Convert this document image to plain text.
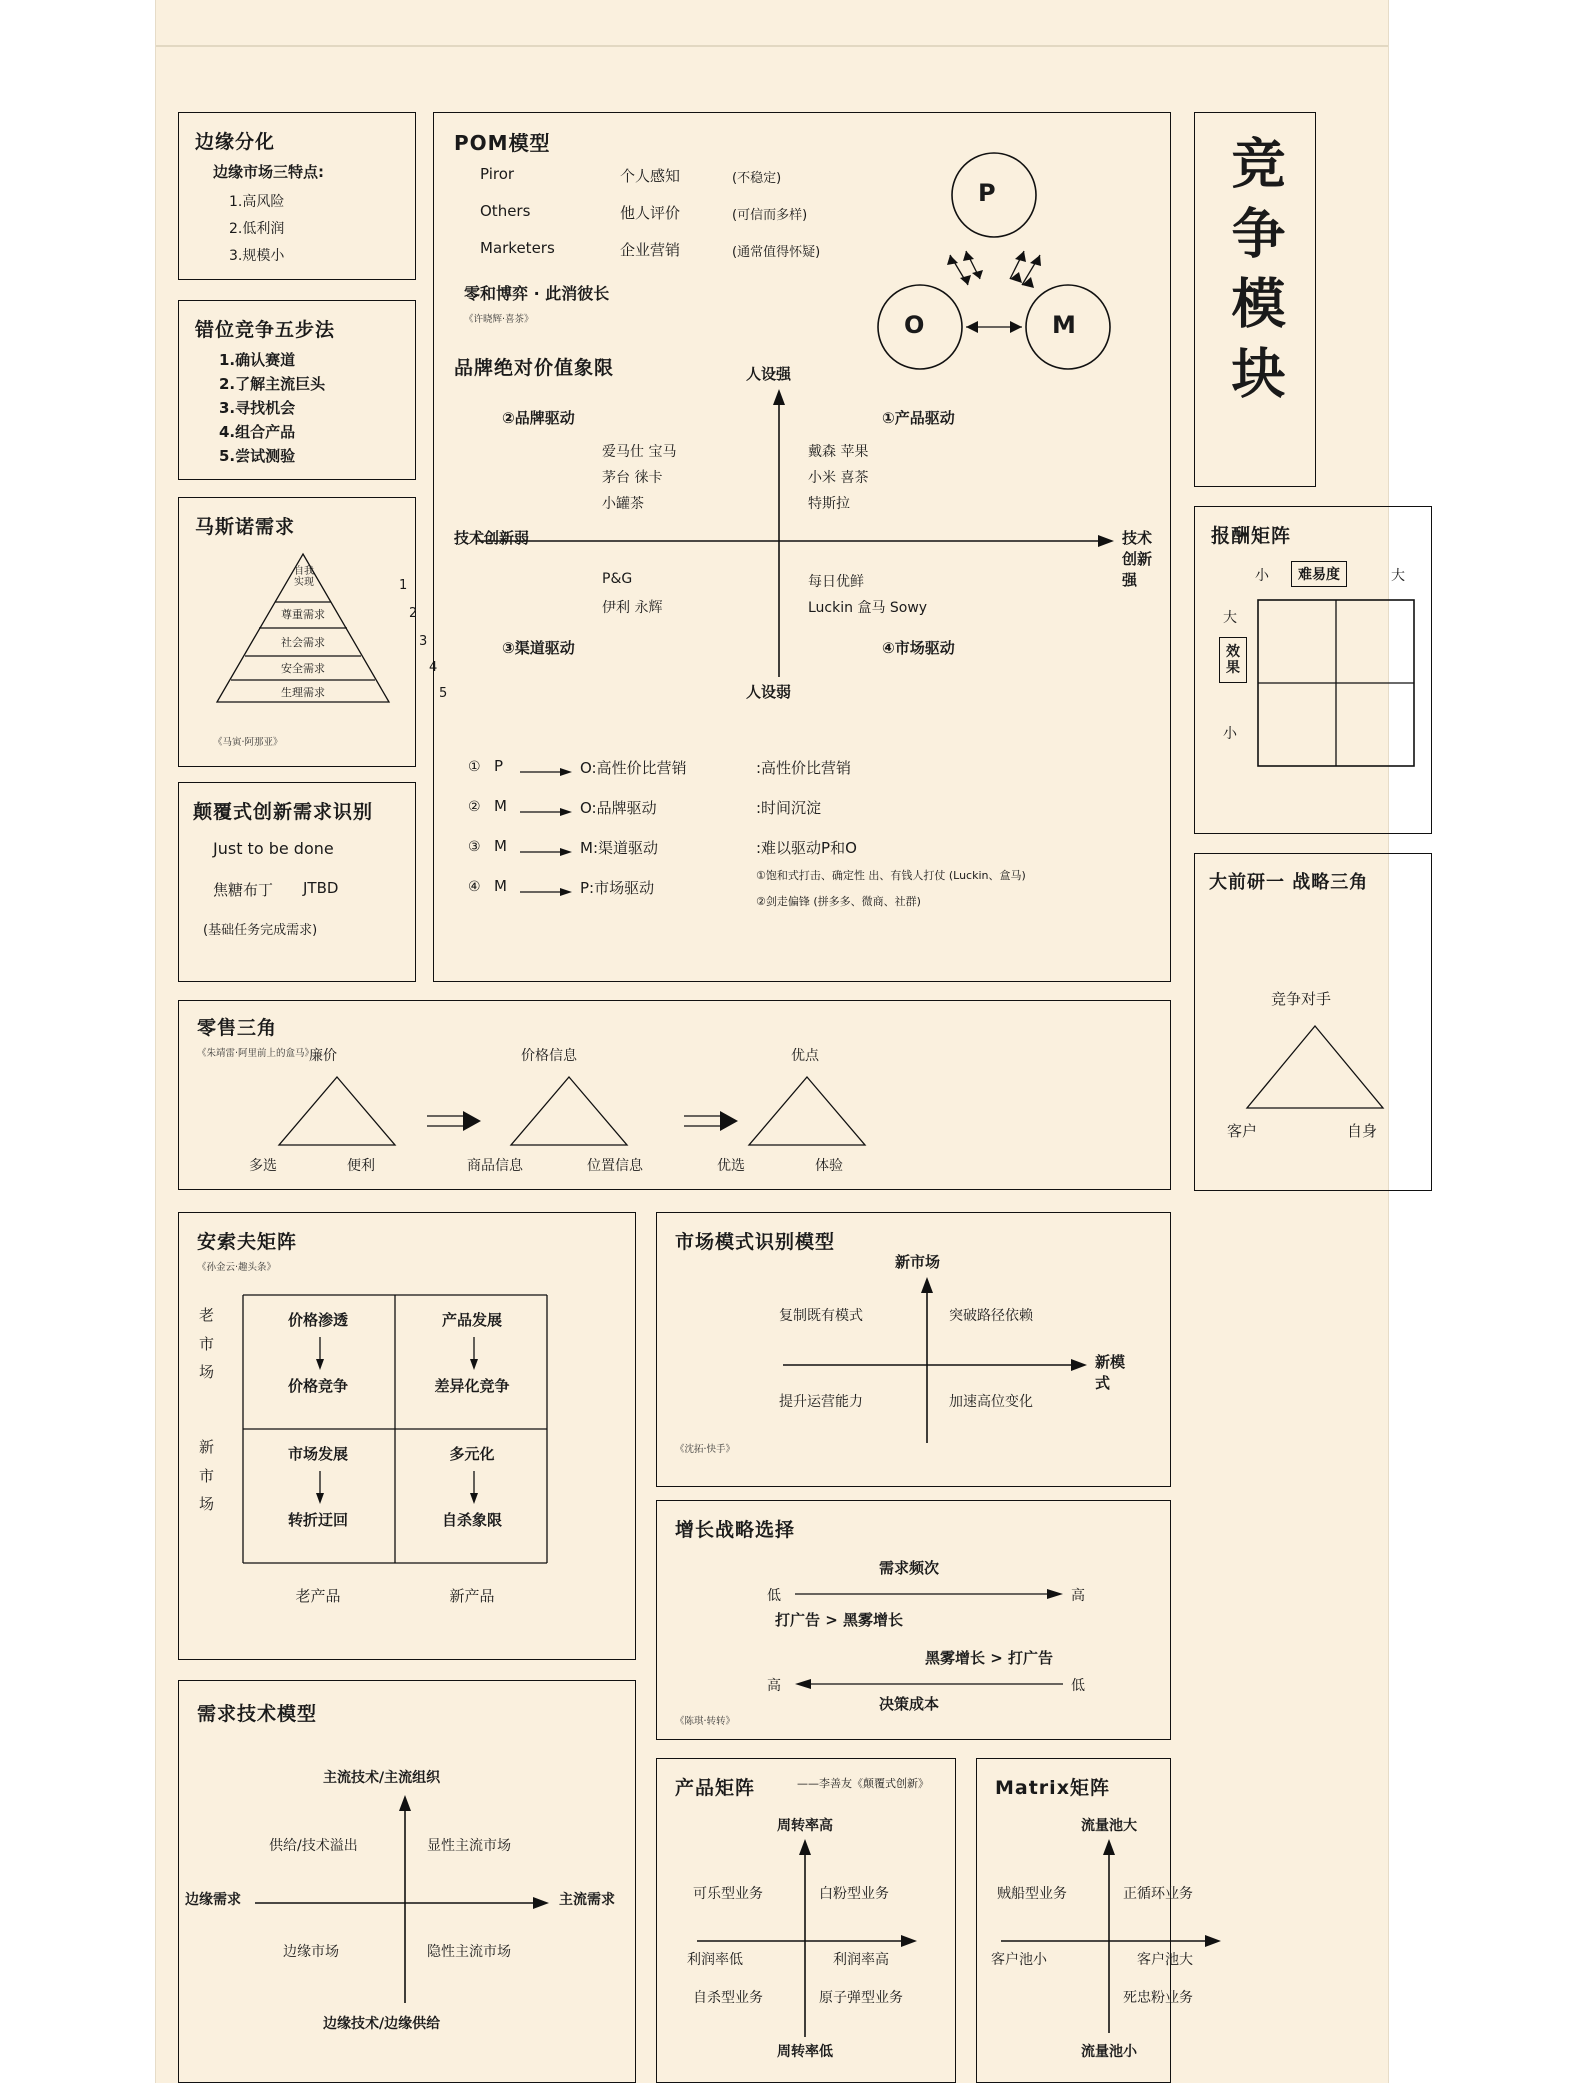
边缘分化
边缘市场三特点:
1.高风险
2.低利润
3.规模小
错位竞争五步法
1.确认赛道
2.了解主流巨头
3.寻找机会
4.组合产品
5.尝试测验
马斯诺需求
自我
实现
尊重需求
社会需求
安全需求
生理需求
1
2
3
4
5
《马寅·阿那亚》
颠覆式创新需求识别
Just to be done
焦糖布丁 JTBD
(基础任务完成需求)
POM模型
Piror	个人感知	(不稳定)
Others	他人评价	(可信而多样)
Marketers	企业营销	(通常值得怀疑)
零和博弈 · 此消彼长
《许晓辉·喜茶》
P
O	M
品牌绝对价值象限	人设强
人设弱
技术创新弱	技术创新强
②品牌驱动
爱马仕 宝马
茅台 徕卡
小罐茶
①产品驱动
戴森 苹果
小米 喜茶
特斯拉
P&G
伊利 永辉
③渠道驱动
每日优鲜
Luckin 盒马 Sowy
④市场驱动
① P	O:高性价比营销	:高性价比营销
② M	O:品牌驱动	:时间沉淀
③ M	M:渠道驱动	:难以驱动P和O
①饱和式打击、确定性 出、有钱人打仗 (Luckin、盒马)
②剑走偏锋 (拼多多、微商、社群)
④ M	P:市场驱动
竞争模块
报酬矩阵
小	难易度	大
大
效果
小
大前研一 战略三角
竞争对手
客户	自身
零售三角
《朱靖雷·阿里前上的盒马》
廉价
多选	便利
价格信息
商品信息	位置信息
优点
优选	体验
安索夫矩阵
《孙金云·趣头条》
老
市
场
新
市
场
价格渗透
价格竞争
产品发展
差异化竞争
市场发展
转折迂回
多元化
自杀象限
老产品	新产品
市场模式识别模型
新市场
新模式
复制既有模式	突破路径依赖
提升运营能力	加速高位变化
《沈拓·快手》
增长战略选择
需求频次
低	高
打广告 > 黑雾增长
黑雾增长 > 打广告
高	低
决策成本
《陈琪·转转》
需求技术模型
主流技术/主流组织
边缘技术/边缘供给
边缘需求	主流需求
供给/技术溢出	显性主流市场
边缘市场	隐性主流市场
产品矩阵	——李善友《颠覆式创新》
周转率高
周转率低
利润率低	利润率高
可乐型业务	白粉型业务
自杀型业务	原子弹型业务
Matrix矩阵
流量池大
流量池小
客户池小	客户池大
贼船型业务	正循环业务
死忠粉业务
